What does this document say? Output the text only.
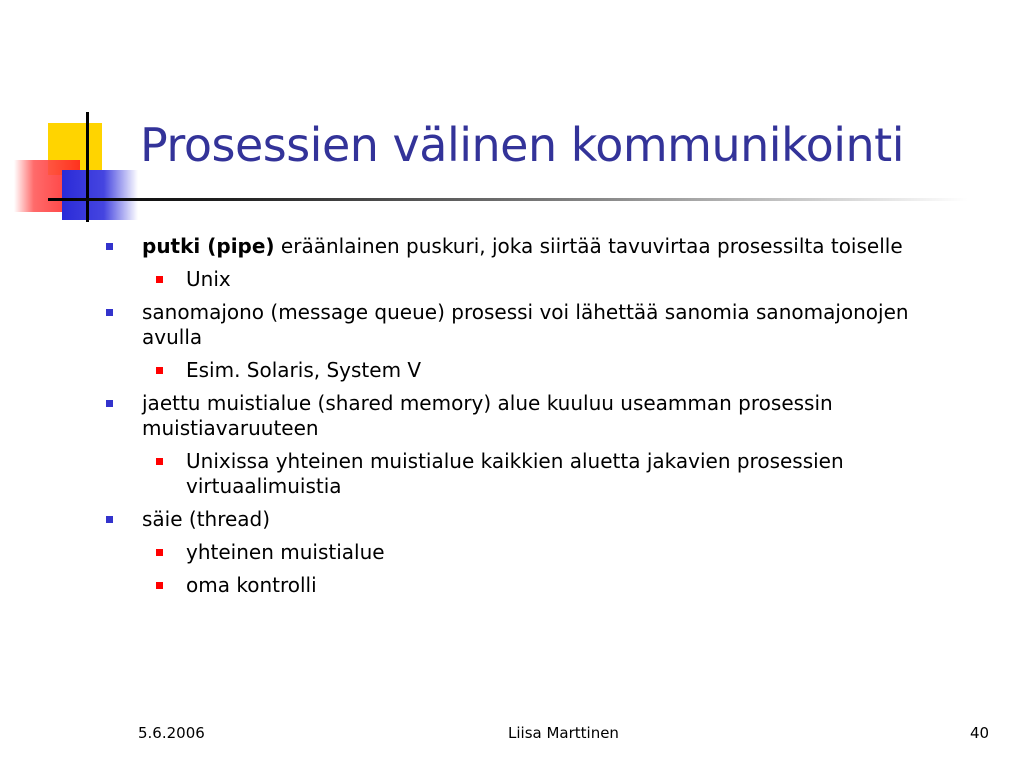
Prosessien välinen kommunikointi
putki (pipe) eräänlainen puskuri, joka siirtää tavuvirtaa prosessilta toiselle
Unix
sanomajono (message queue) prosessi voi lähettää sanomia sanomajonojen avulla
Esim. Solaris, System V
jaettu muistialue (shared memory) alue kuuluu useamman prosessin muistiavaruuteen
Unixissa yhteinen muistialue kaikkien aluetta jakavien prosessien virtuaalimuistia
säie (thread)
yhteinen muistialue
oma kontrolli
5.6.2006	Liisa Marttinen	40
